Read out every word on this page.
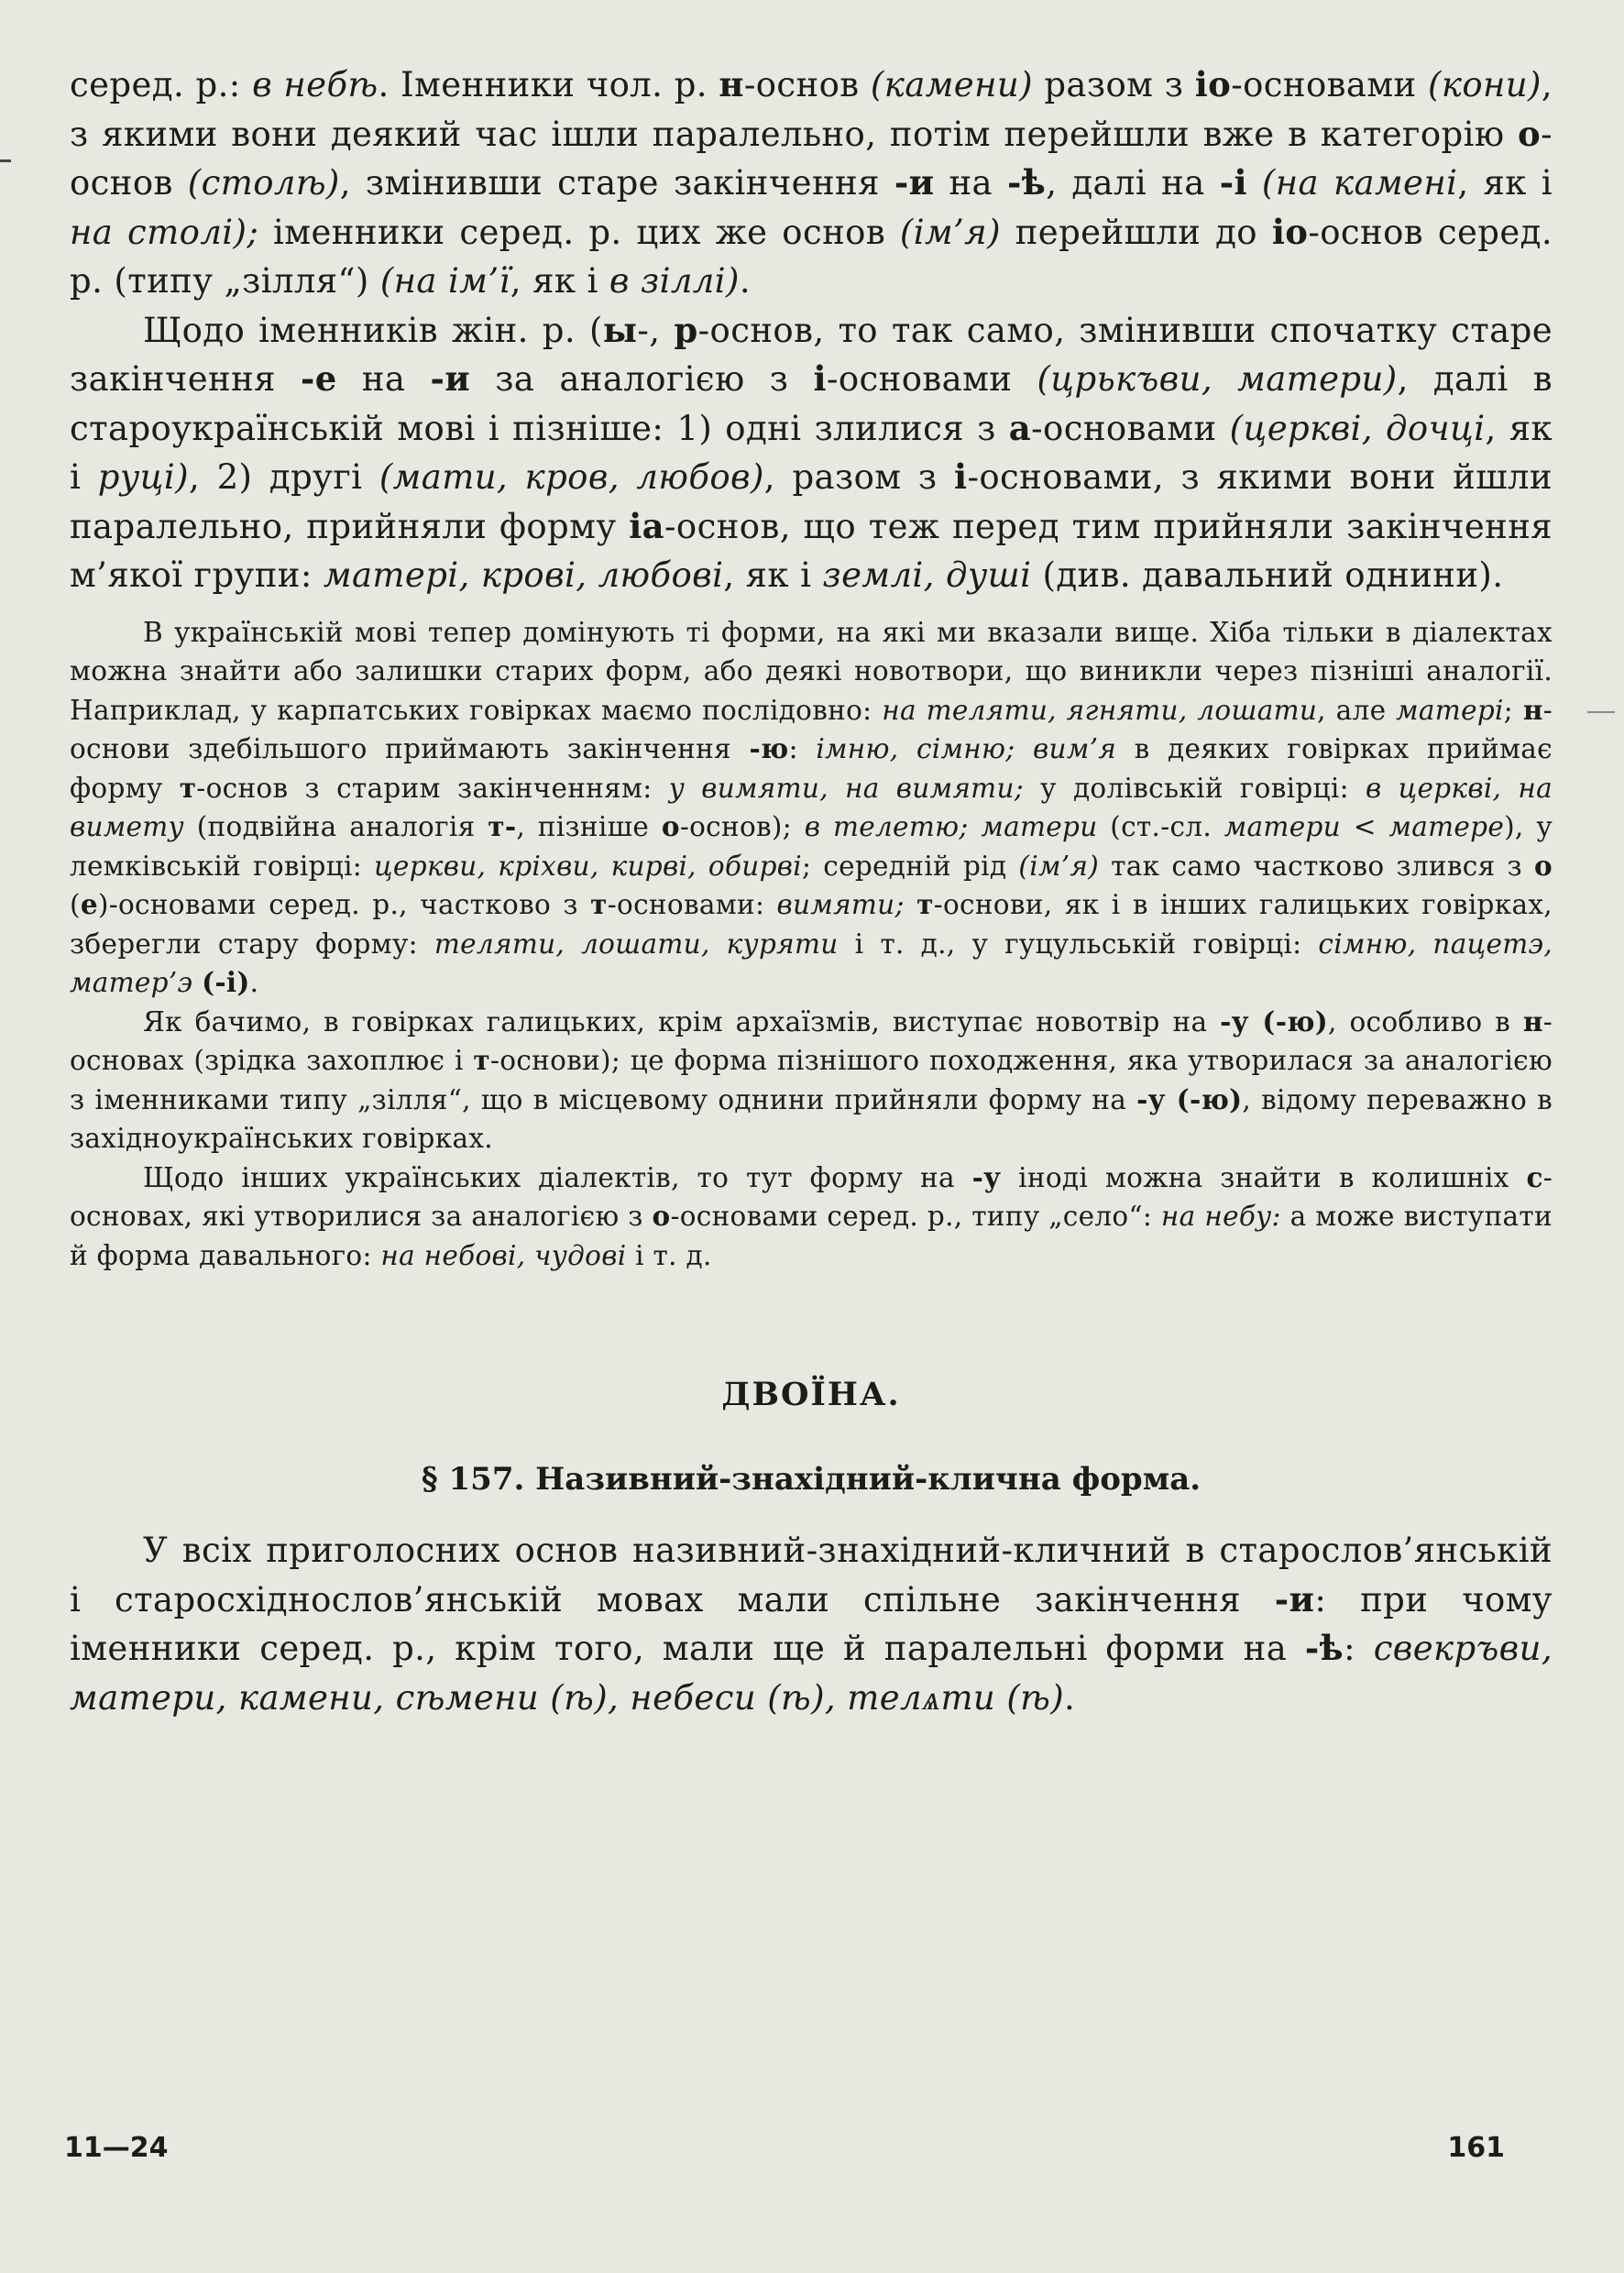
серед. р.: в небѣ. Іменники чол. р. н-основ (камени) разом з іо-основами (кони), з якими вони деякий час ішли паралельно, потім перейшли вже в категорію о-основ (столѣ), змінивши старе закінчення -и на -ѣ, далі на -і (на камені, як і на столі); іменники серед. р. цих же основ (ім’я) перейшли до іо-основ серед. р. (типу „зілля“) (на ім’ї, як і в зіллі).

Щодо іменників жін. р. (ы-, р-основ, то так само, змінивши спочатку старе закінчення -е на -и за аналогією з і-основами (црькъви, матери), далі в староукраїнській мові і пізніше: 1) одні злилися з а-основами (церкві, дочці, як і руці), 2) другі (мати, кров, любов), разом з і-основами, з якими вони йшли паралельно, прийняли форму іа-основ, що теж перед тим прийняли закінчення м’якої групи: матері, крові, любові, як і землі, душі (див. давальний однини).

В українській мові тепер домінують ті форми, на які ми вказали вище. Хіба тільки в діалектах можна знайти або залишки старих форм, або деякі новотвори, що виникли через пізніші аналогії. Наприклад, у карпатських говірках маємо послідовно: на теляти, ягняти, лошати, але матері; н-основи здебільшого приймають закінчення -ю: імню, сімню; вим’я в деяких говірках приймає форму т-основ з старим закінченням: у вимяти, на вимяти; у долівській говірці: в церкві, на вимету (подвійна аналогія т-, пізніше о-основ); в телетю; матери (ст.-сл. матери < матере), у лемківській говірці: церкви, кріхви, кирві, обирві; середній рід (ім’я) так само частково злився з о (е)-основами серед. р., частково з т-основами: вимяти; т-основи, як і в інших галицьких говірках, зберегли стару форму: теляти, лошати, куряти і т. д., у гуцульській говірці: сімню, пацетэ, матер’э (-і).

Як бачимо, в говірках галицьких, крім архаїзмів, виступає новотвір на -у (-ю), особливо в н-основах (зрідка захоплює і т-основи); це форма пізнішого походження, яка утворилася за аналогією з іменниками типу „зілля“, що в місцевому однини прийняли форму на -у (-ю), відому переважно в західноукраїнських говірках.

Щодо інших українських діалектів, то тут форму на -у іноді можна знайти в колишніх с-основах, які утворилися за аналогією з о-основами серед. р., типу „село“: на небу: а може виступати й форма давального: на небові, чудові і т. д.

ДВОЇНА.
§ 157. Називний-знахідний-клична форма.

У всіх приголосних основ називний-знахідний-кличний в старослов’янській і старосхіднослов’янській мовах мали спільне закінчення -и: при чому іменники серед. р., крім того, мали ще й паралельні форми на -ѣ: свекръви, матери, камени, сѣмени (ѣ), небеси (ѣ), телѧти (ѣ).

11—24	161
